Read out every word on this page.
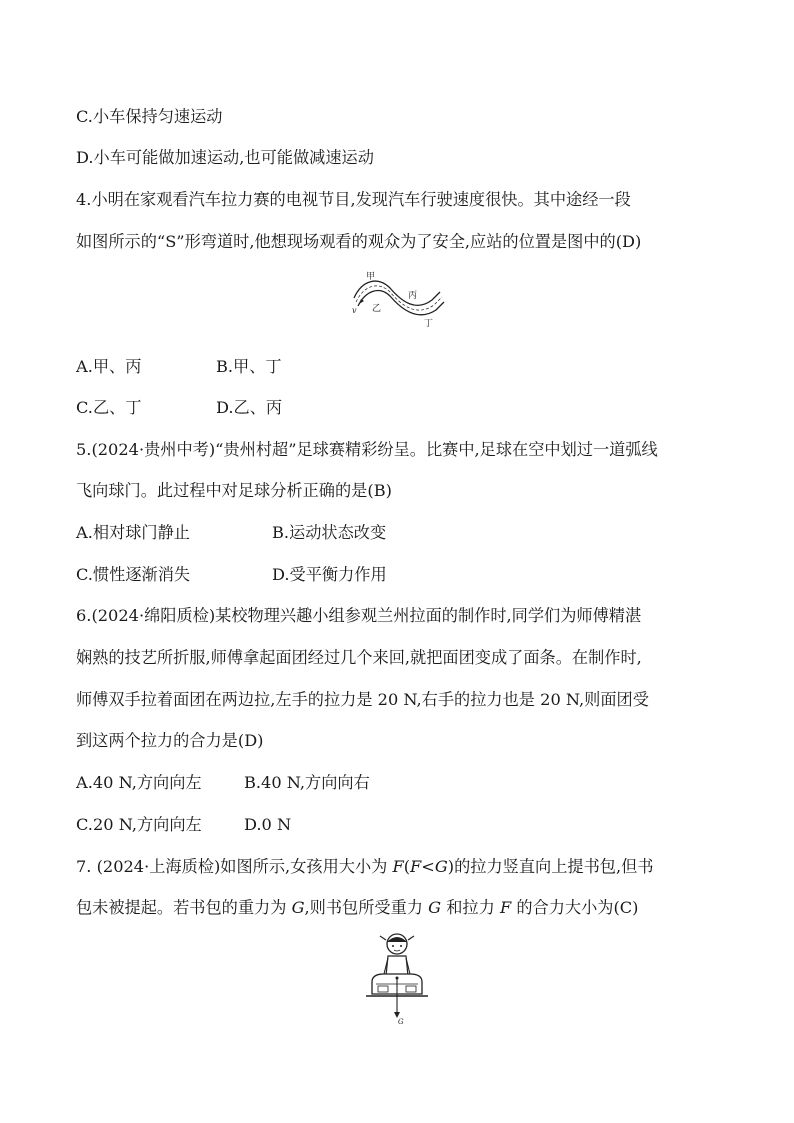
C.小车保持匀速运动
D.小车可能做加速运动,也可能做减速运动
4.小明在家观看汽车拉力赛的电视节目,发现汽车行驶速度很快。其中途经一段
如图所示的“S”形弯道时,他想现场观看的观众为了安全,应站的位置是图中的(D)
甲
乙
丙
丁
v
A.甲、丙	B.甲、丁
C.乙、丁	D.乙、丙
5.(2024·贵州中考)“贵州村超”足球赛精彩纷呈。比赛中,足球在空中划过一道弧线
飞向球门。此过程中对足球分析正确的是(B)
A.相对球门静止	B.运动状态改变
C.惯性逐渐消失	D.受平衡力作用
6.(2024·绵阳质检)某校物理兴趣小组参观兰州拉面的制作时,同学们为师傅精湛
娴熟的技艺所折服,师傅拿起面团经过几个来回,就把面团变成了面条。在制作时,
师傅双手拉着面团在两边拉,左手的拉力是 20 N,右手的拉力也是 20 N,则面团受
到这两个拉力的合力是(D)
A.40 N,方向向左	B.40 N,方向向右
C.20 N,方向向左	D.0 N
7. (2024·上海质检)如图所示,女孩用大小为 F(F<G)的拉力竖直向上提书包,但书
包未被提起。若书包的重力为 G,则书包所受重力 G 和拉力 F 的合力大小为(C)
G
